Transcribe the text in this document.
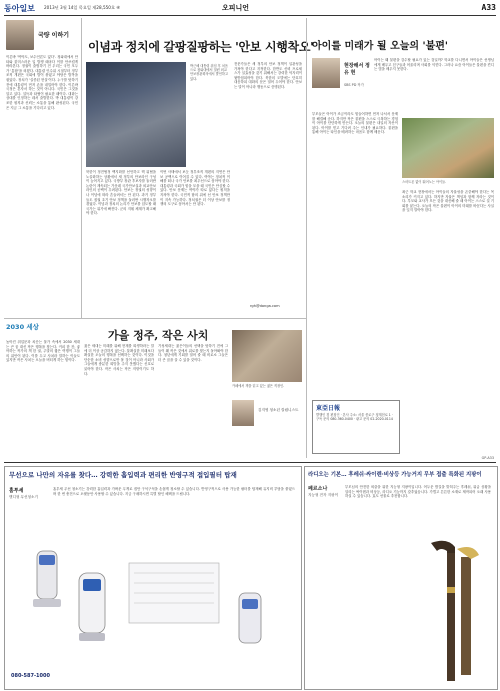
동아일보 2013년 3월 14일 목요일 제28,550호 ④	오피니언	A33
국량 이하기
이른바 '여야도, 보수언론도 없다'. 청와대에서 안타와 불미스러운 일 발생 때마다 이를 안쓰럽게 바라본다. 정권이 출범하기 전 우리는 국민 모두가 '통합'을 외쳤다. 대통령 인수위 시절부터 정부조직 개편은 국회에 발이 묶였고 야당은 발목을 잡았다. 정치가 '실종된 현실'이다. 누구를 탓하기 전에 대통령이 먼저 손을 내밀어야 한다. 이른바 국정은 혼자서 하는 것이 아니다. 국민은 그것을 알고 있다. 설득과 타협이 필요한 때이다. 대화는 상대를 인정하는 데서 출발한다. 박 대통령이 강조한 원칙과 신뢰는 소통을 통해 완성된다. 국민은 지금 그 소통을 기다리고 있다.
이념과 정치에 갈팡질팡하는 '안보 시행착오'
박근혜 대통령 취임 후 처음으로 청와대에서 열린 외교안보장관회의에서 발언하고 있다.
북한이 정전협정 백지화를 선언하고 핵 위협을 노골화하는 상황에서 새 정부의 안보라인 구성이 늦어지고 있다. 국방부 장관 후보자를 둘러싼 논란이 계속되는 가운데 국가안보실과 외교안보 라인의 공백이 우려된다. 안보는 정권의 성향이나 이념에 따라 흔들려서는 안 된다. 과거 정부들도 집권 초기 안보 정책을 둘러싼 시행착오를 겪었다. 이념과 정치의 논리가 안보를 압도할 때 국가는 위기에 빠진다. 군의 지휘 체계가 확고해야 한다.
이번 사태에서 보듯 정부조직 개편의 지연은 안보 공백으로 이어질 수 있다. 여야는 정치적 이해를 떠나 국가 안보를 최우선으로 삼아야 한다. 대통령과 국회가 힘을 모을 때 국민은 안심할 수 있다. 안보 문제는 여야가 따로 없다는 원칙을 지켜야 한다. 국민적 합의 위에 선 안보 정책만이 지속 가능하다. 정치권은 더 이상 안보를 정쟁의 도구로 삼아서는 안 된다.
전문가들은 새 정부의 안보 정책이 일관성을 가져야 한다고 지적한다. 한반도 신뢰 프로세스가 실효성을 갖기 위해서는 강력한 억지력이 뒷받침되어야 한다. 북한의 도발에는 단호히 대응하되 대화의 문은 열어 두어야 한다. 안보는 말이 아니라 행동으로 증명된다.
rgh@donga.com
아이를 미래가 될 오늘의 '불편'
현장해서 정 유 현
SBS PD 작가
아이는 왜 불편을 감수할 필요가 있는 것일까? 학교를 다니면서 아이들은 선생님에게 배우고 친구들과 어울리며 사회를 익힌다. 그러나 요즘 아이들은 불편을 견디는 법을 배우지 못한다.
부모들은 아이가 조금이라도 힘들어하면 먼저 나서서 문제를 해결해 준다. 하지만 작은 불편을 스스로 극복하는 경험이 아이를 단단하게 만든다. 오늘의 불편은 내일의 자산이 된다. 아이를 믿고 기다려 주는 인내가 필요하다. 불편을 통해 아이는 타인을 배려하는 마음도 함께 배운다.
스마트폰 없이 뛰어노는 아이들.
최근 학교 현장에서는 아이들의 자율성을 존중해야 한다는 목소리가 커지고 있다. 하지만 자율은 책임과 함께 자라는 것이다. 부모와 교사가 모든 것을 대신해 줄 때 아이는 스스로 설 기회를 잃는다. 오늘의 작은 불편이 아이의 미래를 바꾼다는 사실을 잊지 말아야 한다.
2030 세상
가을 정주, 작은 사치
높아진 취업문과 치솟는 물가 속에서 2030 세대는 큰 꿈 대신 작은 행복을 찾는다. 커피 한 잔, 좋아하는 작가의 책 한 권, 주말의 짧은 여행이 그들의 위안이 된다. 이를 두고 사치라 말하는 이들도 있지만 작은 사치는 오늘을 버티게 하는 힘이다.
젊은 세대는 미래를 위해 현재를 희생하라는 말에 더 이상 공감하지 않는다. 불확실한 미래보다 확실한 오늘의 행복을 선택하는 것이다. 이것을 단순한 소비 성향으로만 볼 것이 아니라 사회가 그들에게 충분한 희망을 주지 못했다는 신호로 읽어야 한다. 작은 사치는 작은 저항이기도 하다.
기성세대는 젊은이들의 선택을 탓하기 전에 그들이 왜 작은 것에서 위로를 찾는지 돌아봐야 한다. 청년에게 기회를 열어 줄 때 비로소 그들은 더 큰 꿈을 꿀 수 있을 것이다.
카페에서 책을 읽고 있는 젊은 직장인.
김지영 청소년 칼럼니스트	東亞日報
발행인 겸 편집인 · 본사 주소: 서울 종로구 청계천로 1 · 구독 문의 080-360-0400 · 광고 문의 02-2020-0114
GP-A33
무선으로 나만의 자유를 찾다… 강력한 흡입력과 편리한 반영구적 접입필터 탑재
홈투세
핸디형 무선청소기
홈투세 무선 청소기는 강력한 흡입력과 가벼운 무게로 집안 구석구석을 손쉽게 청소할 수 있습니다. 반영구적으로 사용 가능한 필터를 탑재해 유지비 부담을 줄였으며 한 번 충전으로 오랫동안 사용할 수 있습니다. 지금 구매하시면 특별 할인 혜택을 드립니다.
080-587-1000
라디오는 기본… 후레쉬·싸이렌·비상등 가능거지 무부 접출 특화된 지팡이
페르소나
지능형 전자 지팡이
부모님의 안전한 외출을 위한 지능형 지팡이입니다. 어두운 밤길을 밝혀주는 후레쉬, 위급 상황을 알리는 싸이렌과 비상등, 라디오 기능까지 갖추었습니다. 가볍고 튼튼한 소재로 제작되어 오래 사용하실 수 있습니다. 효도 선물로 추천합니다.
